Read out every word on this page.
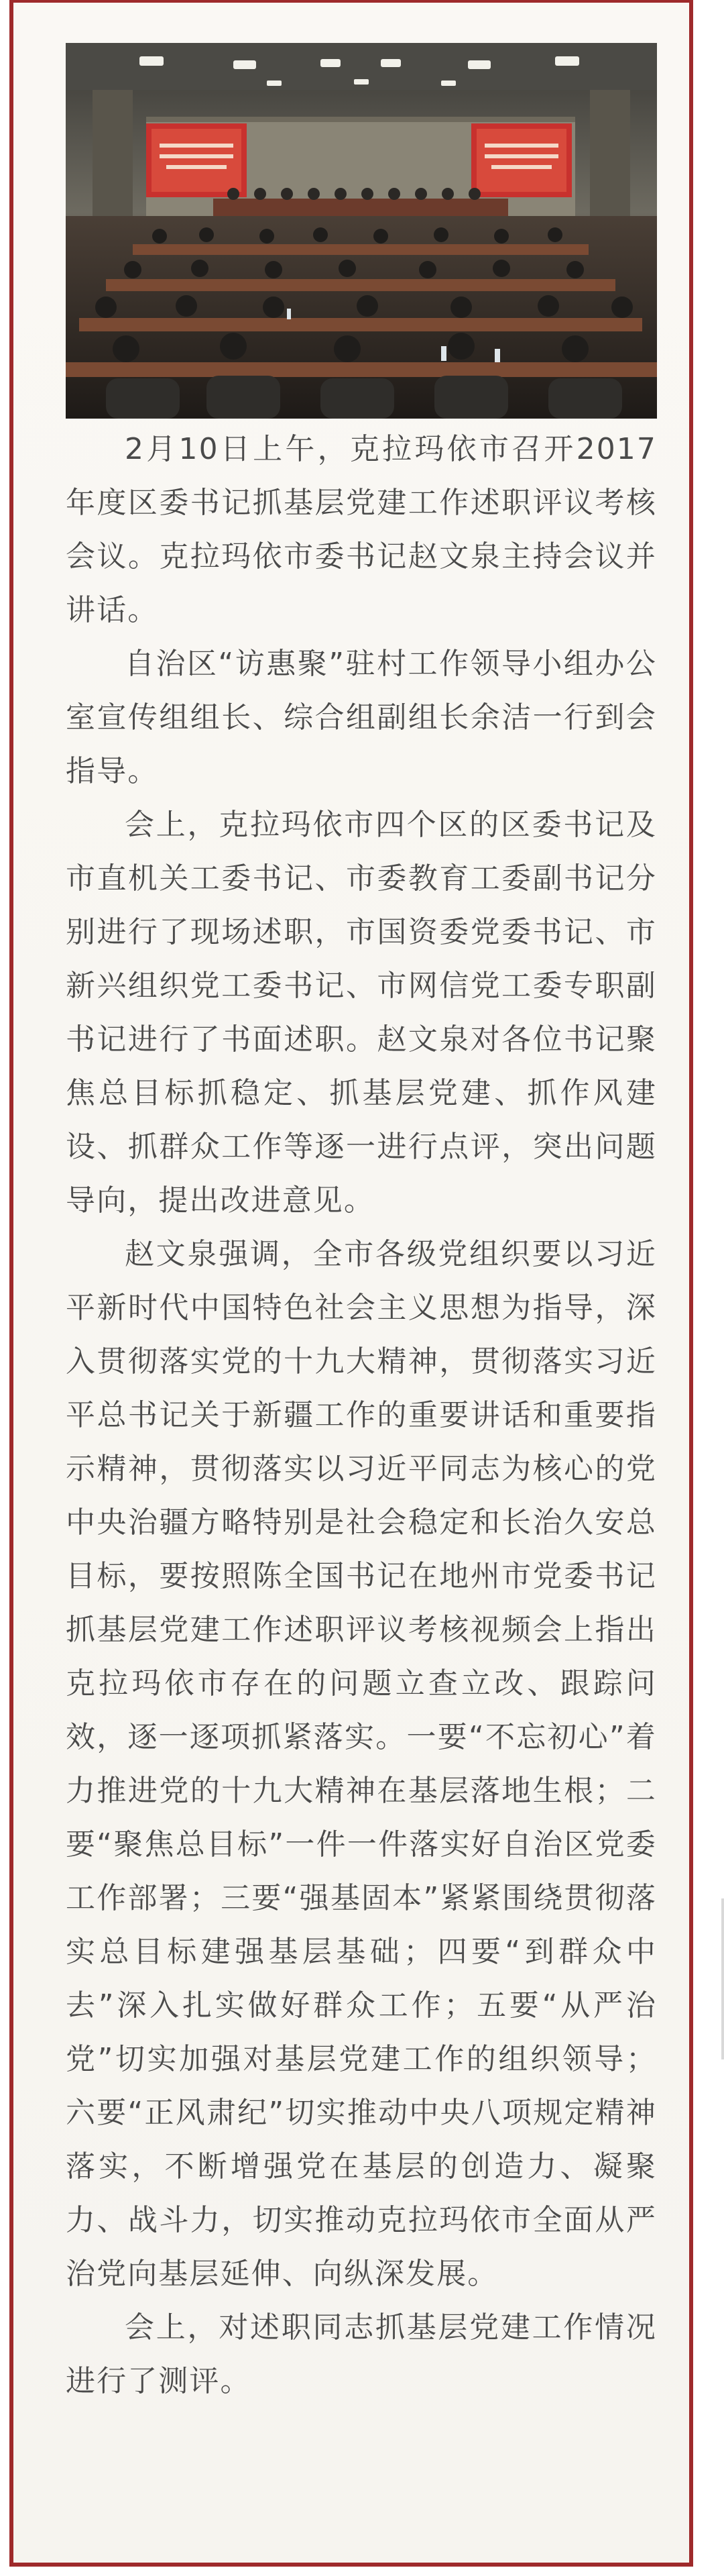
2月10日上午，克拉玛依市召开2017年度区委书记抓基层党建工作述职评议考核会议。克拉玛依市委书记赵文泉主持会议并讲话。

自治区“访惠聚”驻村工作领导小组办公室宣传组组长、综合组副组长余洁一行到会指导。

会上，克拉玛依市四个区的区委书记及市直机关工委书记、市委教育工委副书记分别进行了现场述职，市国资委党委书记、市新兴组织党工委书记、市网信党工委专职副书记进行了书面述职。赵文泉对各位书记聚焦总目标抓稳定、抓基层党建、抓作风建设、抓群众工作等逐一进行点评，突出问题导向，提出改进意见。

赵文泉强调，全市各级党组织要以习近平新时代中国特色社会主义思想为指导，深入贯彻落实党的十九大精神，贯彻落实习近平总书记关于新疆工作的重要讲话和重要指示精神，贯彻落实以习近平同志为核心的党中央治疆方略特别是社会稳定和长治久安总目标，要按照陈全国书记在地州市党委书记抓基层党建工作述职评议考核视频会上指出克拉玛依市存在的问题立查立改、跟踪问效，逐一逐项抓紧落实。一要“不忘初心”着力推进党的十九大精神在基层落地生根；二要“聚焦总目标”一件一件落实好自治区党委工作部署；三要“强基固本”紧紧围绕贯彻落实总目标建强基层基础；四要“到群众中去”深入扎实做好群众工作；五要“从严治党”切实加强对基层党建工作的组织领导；六要“正风肃纪”切实推动中央八项规定精神落实，不断增强党在基层的创造力、凝聚力、战斗力，切实推动克拉玛依市全面从严治党向基层延伸、向纵深发展。

会上，对述职同志抓基层党建工作情况进行了测评。
